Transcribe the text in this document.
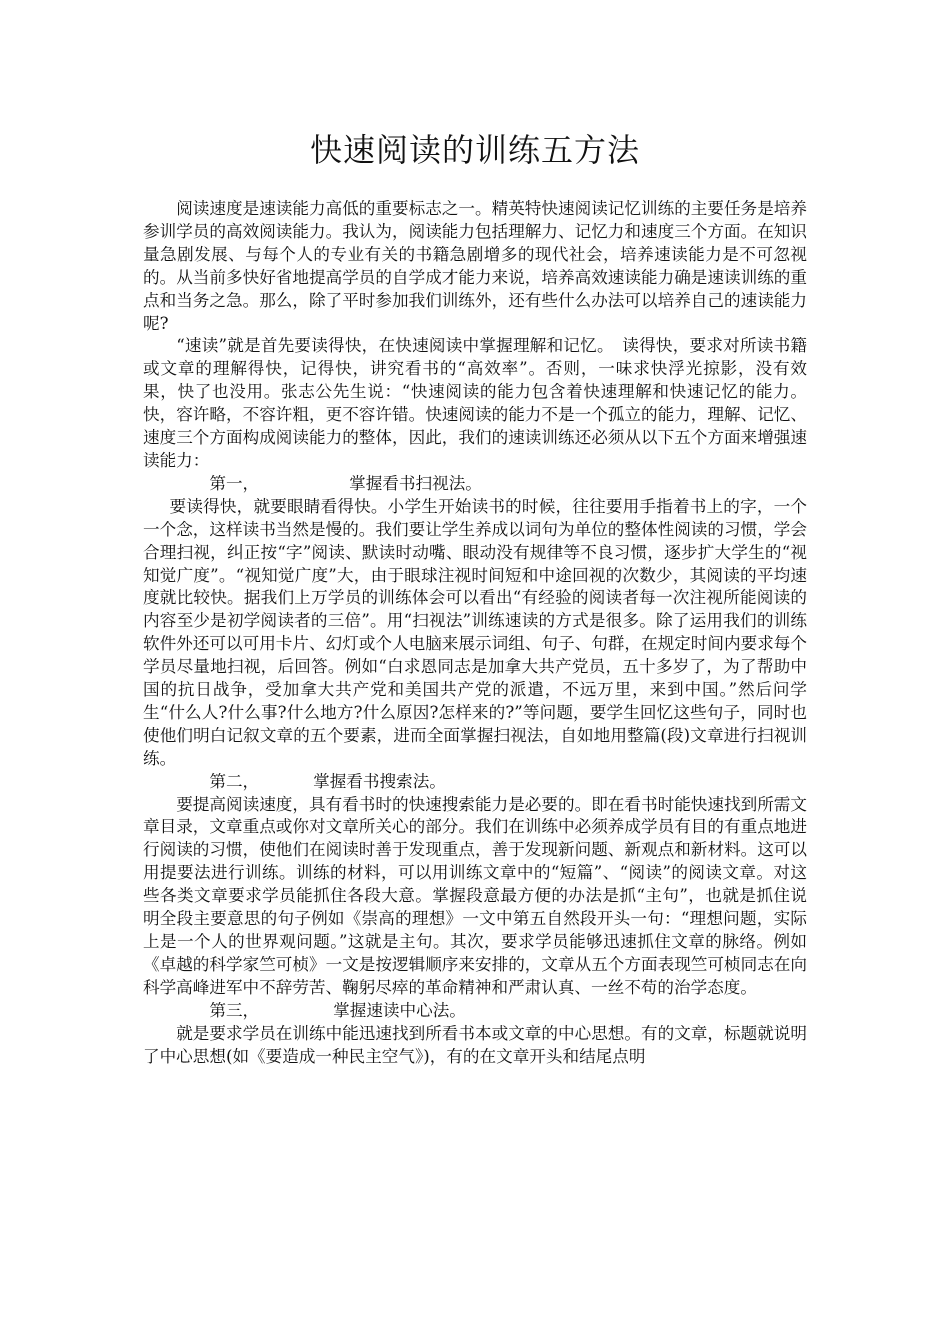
快速阅读的训练五方法

阅读速度是速读能力高低的重要标志之一。精英特快速阅读记忆训练的主要任务是培养参训学员的高效阅读能力。我认为，阅读能力包括理解力、记忆力和速度三个方面。在知识量急剧发展、与每个人的专业有关的书籍急剧增多的现代社会，培养速读能力是不可忽视的。从当前多快好省地提高学员的自学成才能力来说，培养高效速读能力确是速读训练的重点和当务之急。那么，除了平时参加我们训练外，还有些什么办法可以培养自己的速读能力呢?

“速读”就是首先要读得快，在快速阅读中掌握理解和记忆。　读得快，要求对所读书籍或文章的理解得快，记得快，讲究看书的“高效率”。否则，一味求快浮光掠影，没有效果，快了也没用。张志公先生说：“快速阅读的能力包含着快速理解和快速记忆的能力。快，容许略，不容许粗，更不容许错。快速阅读的能力不是一个孤立的能力，理解、记忆、速度三个方面构成阅读能力的整体，因此，我们的速读训练还必须从以下五个方面来增强速读能力：

第一，	掌握看书扫视法。

要读得快，就要眼睛看得快。小学生开始读书的时候，往往要用手指着书上的字，一个一个念，这样读书当然是慢的。我们要让学生养成以词句为单位的整体性阅读的习惯，学会合理扫视，纠正按“字”阅读、默读时动嘴、眼动没有规律等不良习惯，逐步扩大学生的“视知觉广度”。“视知觉广度”大，由于眼球注视时间短和中途回视的次数少，其阅读的平均速度就比较快。据我们上万学员的训练体会可以看出“有经验的阅读者每一次注视所能阅读的内容至少是初学阅读者的三倍”。用“扫视法”训练速读的方式是很多。除了运用我们的训练软件外还可以可用卡片、幻灯或个人电脑来展示词组、句子、句群，在规定时间内要求每个学员尽量地扫视，后回答。例如“白求恩同志是加拿大共产党员，五十多岁了，为了帮助中国的抗日战争，受加拿大共产党和美国共产党的派遣，不远万里，来到中国。”然后问学生“什么人?什么事?什么地方?什么原因?怎样来的?”等问题，要学生回忆这些句子，同时也使他们明白记叙文章的五个要素，进而全面掌握扫视法，自如地用整篇(段)文章进行扫视训练。

第二，	掌握看书搜索法。

要提高阅读速度，具有看书时的快速搜索能力是必要的。即在看书时能快速找到所需文章目录，文章重点或你对文章所关心的部分。我们在训练中必须养成学员有目的有重点地进行阅读的习惯，使他们在阅读时善于发现重点，善于发现新问题、新观点和新材料。这可以用提要法进行训练。训练的材料，可以用训练文章中的“短篇”、“阅读”的阅读文章。对这些各类文章要求学员能抓住各段大意。掌握段意最方便的办法是抓“主句”，也就是抓住说明全段主要意思的句子例如《崇高的理想》一文中第五自然段开头一句：“理想问题，实际上是一个人的世界观问题。”这就是主句。其次，要求学员能够迅速抓住文章的脉络。例如《卓越的科学家竺可桢》一文是按逻辑顺序来安排的，文章从五个方面表现竺可桢同志在向科学高峰进军中不辞劳苦、鞠躬尽瘁的革命精神和严肃认真、一丝不苟的治学态度。

第三，	掌握速读中心法。

就是要求学员在训练中能迅速找到所看书本或文章的中心思想。有的文章，标题就说明了中心思想(如《要造成一种民主空气》)，有的在文章开头和结尾点明
